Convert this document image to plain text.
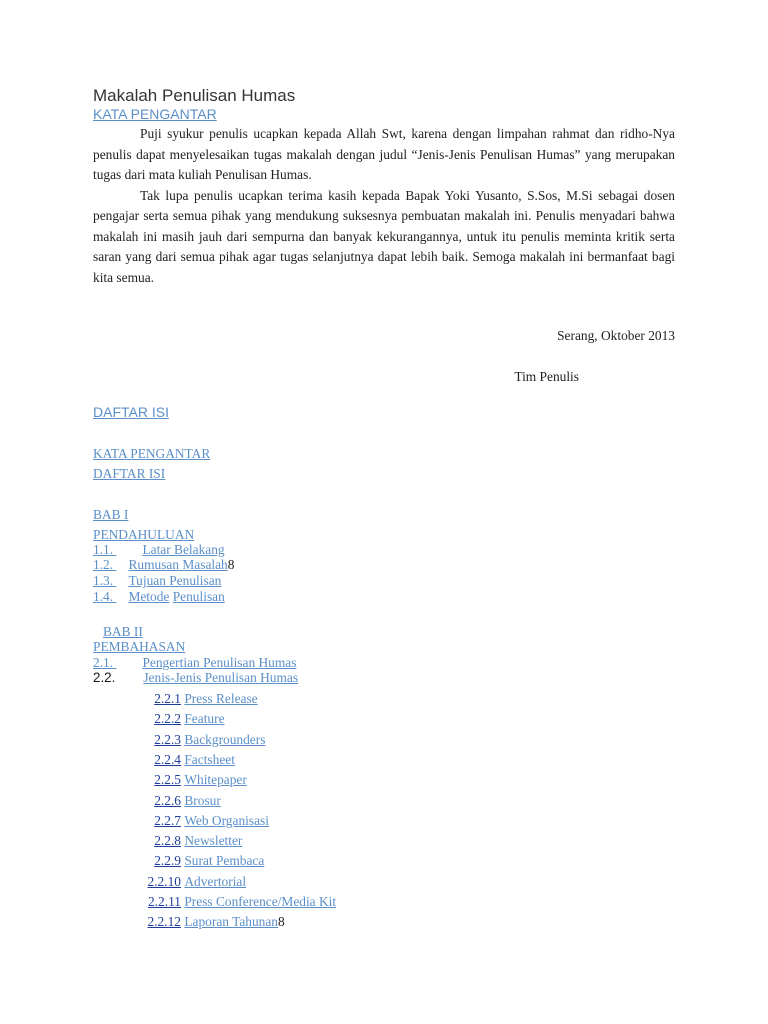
Makalah Penulisan Humas
KATA PENGANTAR

Puji syukur penulis ucapkan kepada Allah Swt, karena dengan limpahan rahmat dan ridho-Nya penulis dapat menyelesaikan tugas makalah dengan judul “Jenis-Jenis Penulisan Humas” yang merupakan tugas dari mata kuliah Penulisan Humas.

Tak lupa penulis ucapkan terima kasih kepada Bapak Yoki Yusanto, S.Sos, M.Si sebagai dosen pengajar serta semua pihak yang mendukung suksesnya pembuatan makalah ini. Penulis menyadari bahwa makalah ini masih jauh dari sempurna dan banyak kekurangannya, untuk itu penulis meminta kritik serta saran yang dari semua pihak agar tugas selanjutnya dapat lebih baik. Semoga makalah ini bermanfaat bagi kita semua.

Serang, Oktober 2013
Tim Penulis
DAFTAR ISI
KATA PENGANTAR
DAFTAR ISI
BAB I
PENDAHULUAN
1.1. Latar Belakang
1.2. Rumusan Masalah8
1.3. Tujuan Penulisan
1.4. Metode Penulisan
BAB II
PEMBAHASAN
2.1. Pengertian Penulisan Humas
2.2. Jenis-Jenis Penulisan Humas
2.2.1 Press Release
2.2.2 Feature
2.2.3 Backgrounders
2.2.4 Factsheet
2.2.5 Whitepaper
2.2.6 Brosur
2.2.7 Web Organisasi
2.2.8 Newsletter
2.2.9 Surat Pembaca
2.2.10 Advertorial
2.2.11 Press Conference/Media Kit
2.2.12 Laporan Tahunan8
